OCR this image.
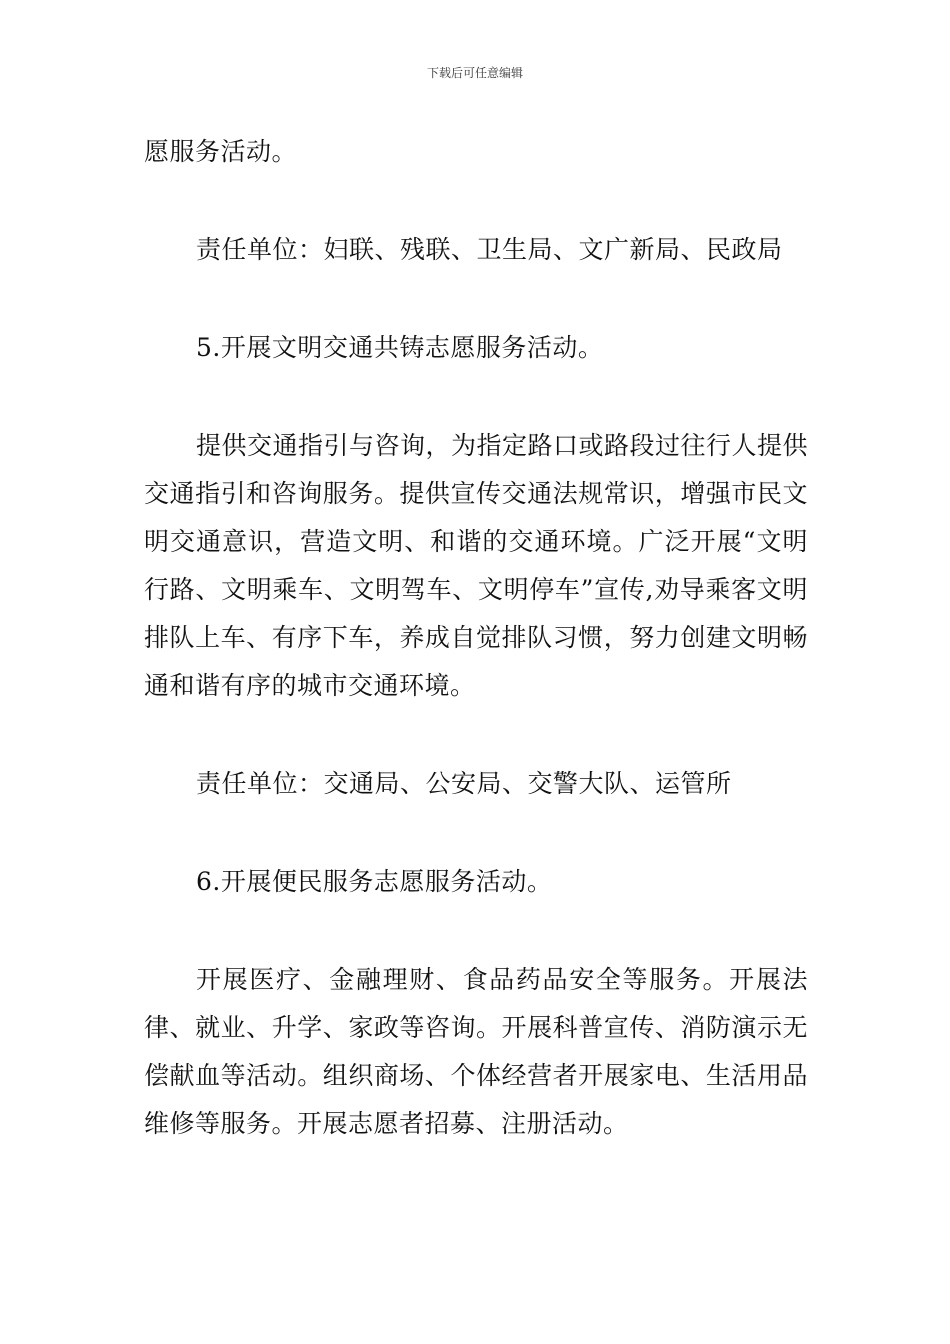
下载后可任意编辑

愿服务活动。

责任单位：妇联、残联、卫生局、文广新局、民政局

5.开展文明交通共铸志愿服务活动。

提供交通指引与咨询，为指定路口或路段过往行人提供交通指引和咨询服务。提供宣传交通法规常识，增强市民文明交通意识，营造文明、和谐的交通环境。广泛开展“文明行路、文明乘车、文明驾车、文明停车”宣传,劝导乘客文明排队上车、有序下车，养成自觉排队习惯，努力创建文明畅通和谐有序的城市交通环境。

责任单位：交通局、公安局、交警大队、运管所

6.开展便民服务志愿服务活动。

开展医疗、金融理财、食品药品安全等服务。开展法律、就业、升学、家政等咨询。开展科普宣传、消防演示无偿献血等活动。组织商场、个体经营者开展家电、生活用品维修等服务。开展志愿者招募、注册活动。
